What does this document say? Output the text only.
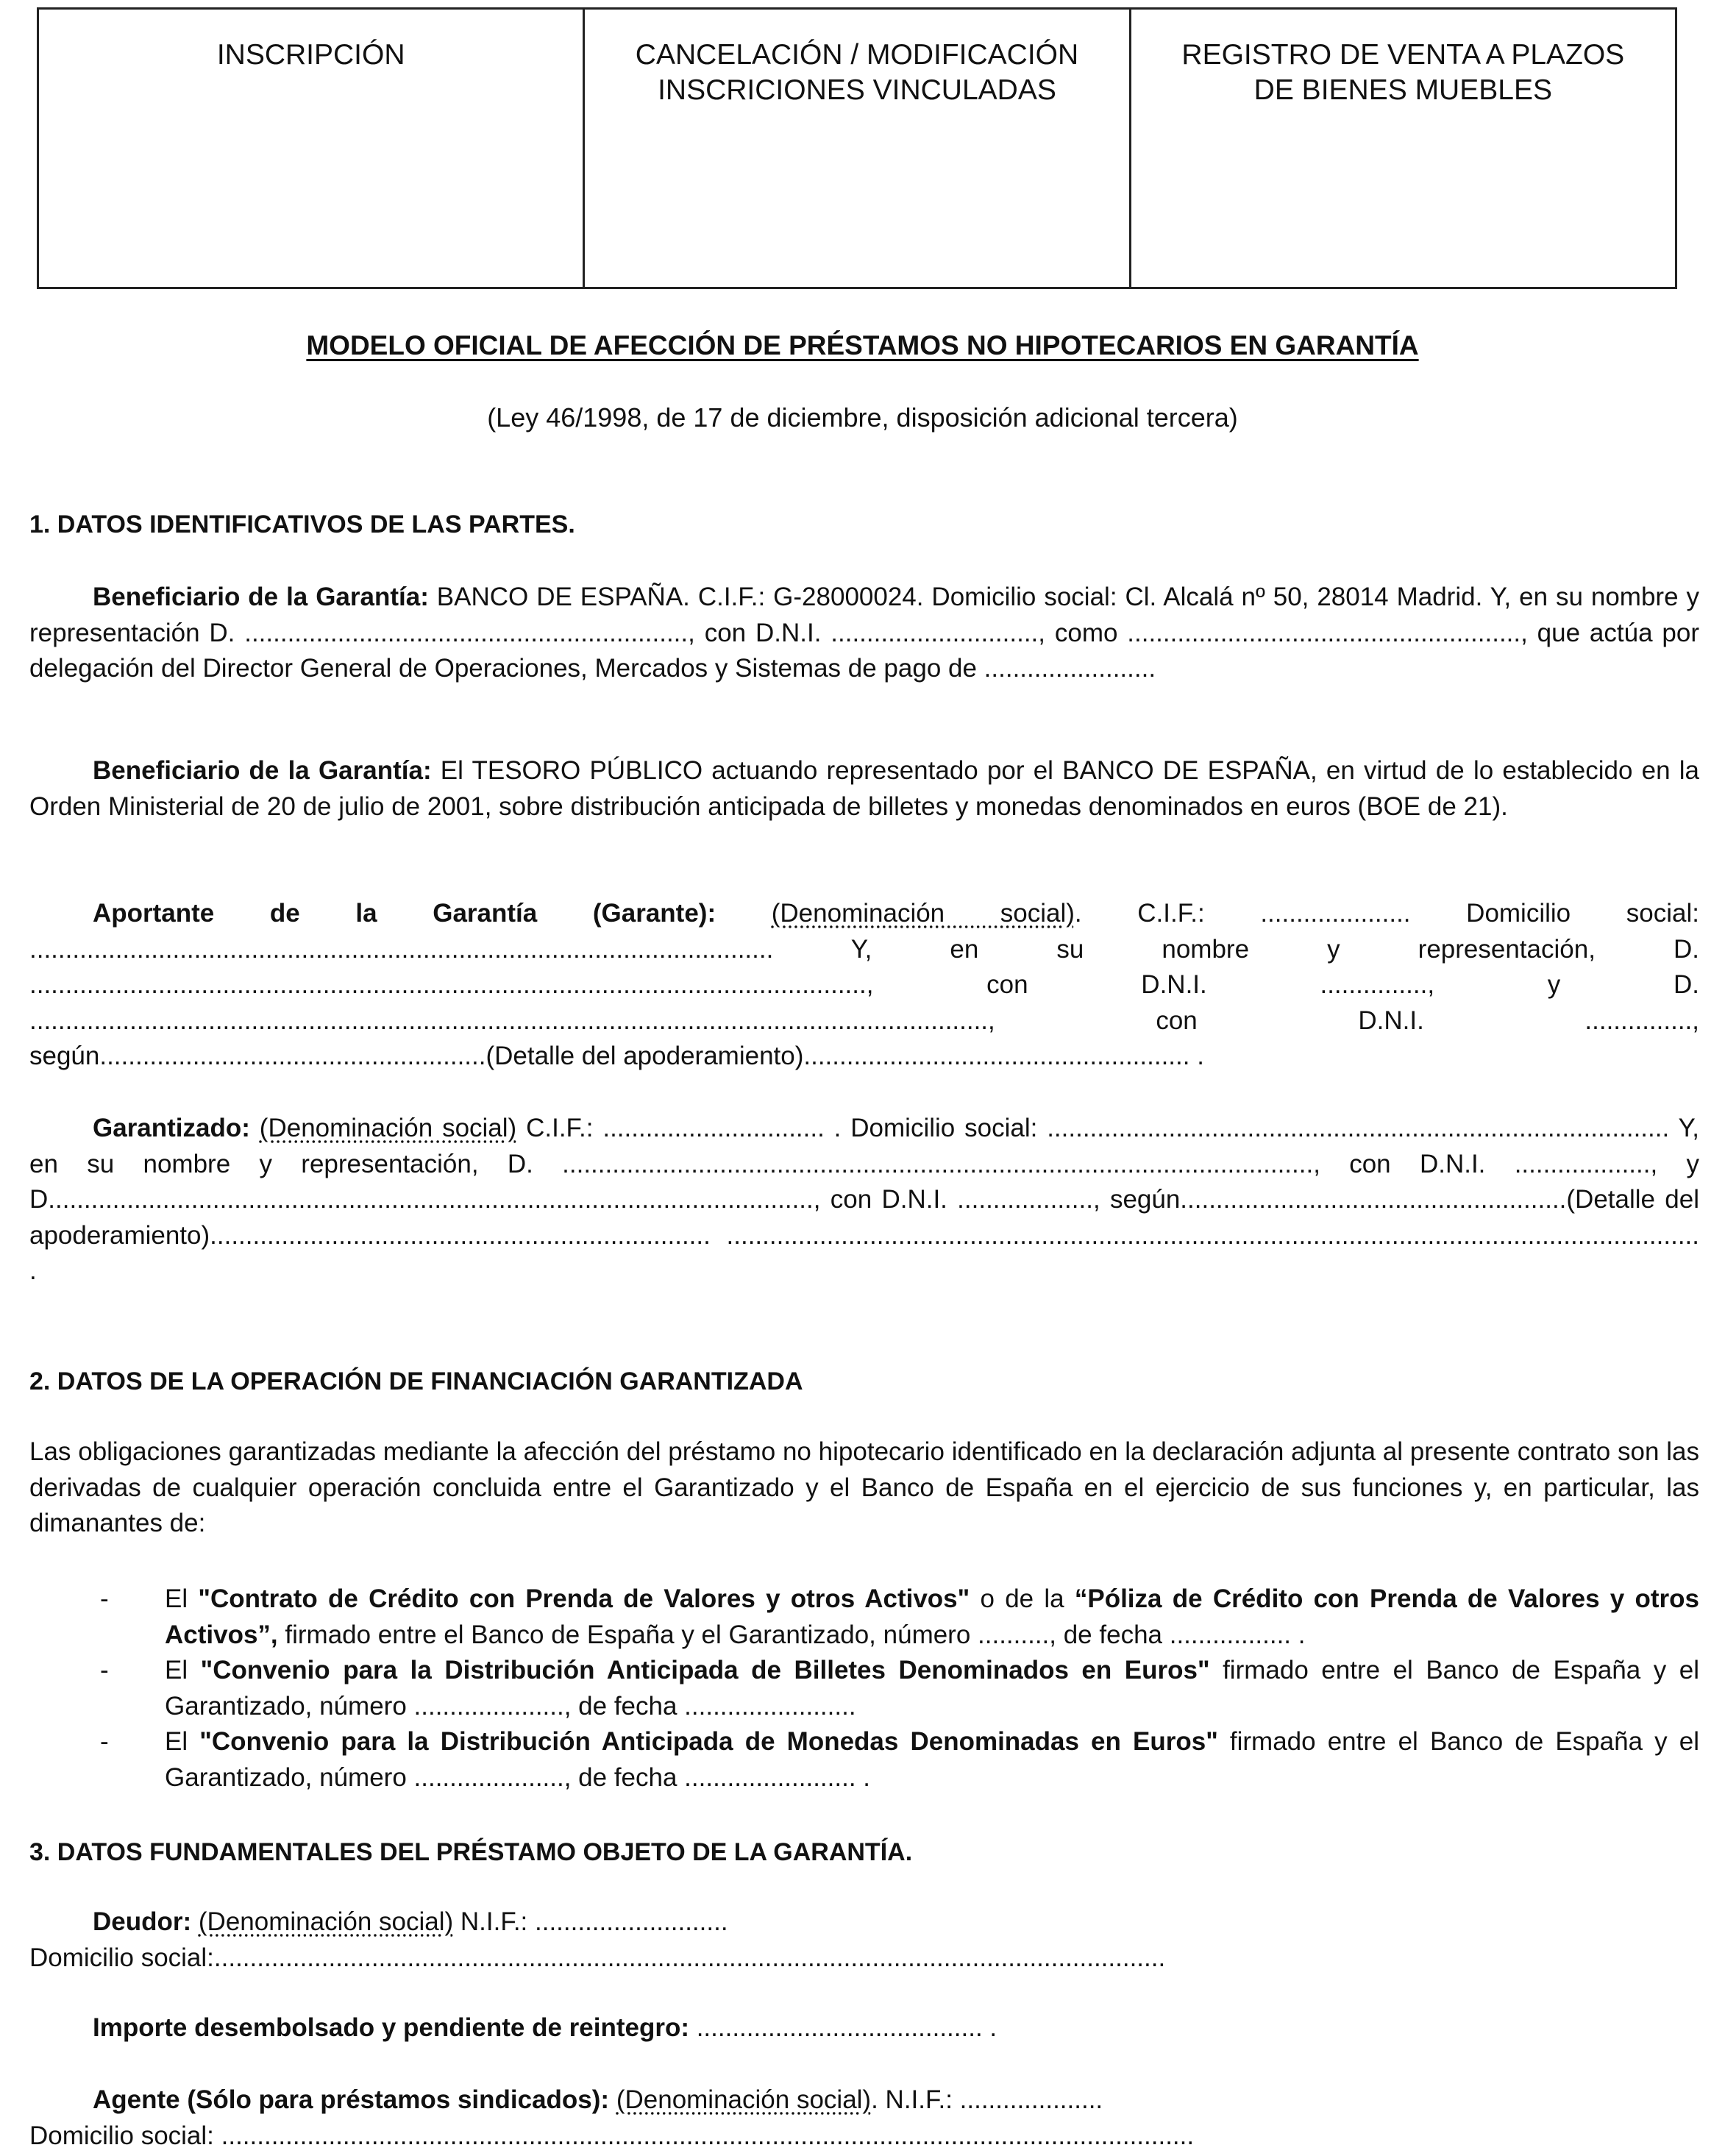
INSCRIPCIÓN	CANCELACIÓN / MODIFICACIÓN
INSCRICIONES VINCULADAS
REGISTRO DE VENTA A PLAZOS
DE BIENES MUEBLES
MODELO OFICIAL DE AFECCIÓN DE PRÉSTAMOS NO HIPOTECARIOS EN GARANTÍA
(Ley 46/1998, de 17 de diciembre, disposición adicional tercera)
1. DATOS IDENTIFICATIVOS DE LAS PARTES.

Beneficiario de la Garantía: BANCO DE ESPAÑA. C.I.F.: G-28000024. Domicilio social: Cl. Alcalá nº 50, 28014 Madrid. Y, en su nombre y representación D. .............................................................., con D.N.I. ............................., como ......................................................., que actúa por delegación del Director General de Operaciones, Mercados y Sistemas de pago de ........................

Beneficiario de la Garantía: El TESORO PÚBLICO actuando representado por el BANCO DE ESPAÑA, en virtud de lo establecido en la Orden Ministerial de 20 de julio de 2001, sobre distribución anticipada de billetes y monedas denominados en euros (BOE de 21).

Aportante de la Garantía (Garante): (Denominación social). C.I.F.: ..................... Domicilio social: ........................................................................................................ Y, en su nombre y representación, D. ....................................................................................................................., con D.N.I. ..............., y D. ......................................................................................................................................, con D.N.I. ..............., según......................................................(Detalle del apoderamiento)...................................................... .

Garantizado: (Denominación social) C.I.F.: ............................... . Domicilio social: ....................................................................................... Y, en su nombre y representación, D. ........................................................................................................., con D.N.I. ..................., y D..........................................................................................................., con D.N.I. ..................., según......................................................(Detalle del apoderamiento)...................................................................... ........................................................................................................................................ .

2. DATOS DE LA OPERACIÓN DE FINANCIACIÓN GARANTIZADA

Las obligaciones garantizadas mediante la afección del préstamo no hipotecario identificado en la declaración adjunta al presente contrato son las derivadas de cualquier operación concluida entre el Garantizado y el Banco de España en el ejercicio de sus funciones y, en particular, las dimanantes de:

- El "Contrato de Crédito con Prenda de Valores y otros Activos" o de la “Póliza de Crédito con Prenda de Valores y otros Activos”, firmado entre el Banco de España y el Garantizado, número .........., de fecha ................. .
- El "Convenio para la Distribución Anticipada de Billetes Denominados en Euros" firmado entre el Banco de España y el Garantizado, número ....................., de fecha ........................
- El "Convenio para la Distribución Anticipada de Monedas Denominadas en Euros" firmado entre el Banco de España y el Garantizado, número ....................., de fecha ........................ .
3. DATOS FUNDAMENTALES DEL PRÉSTAMO OBJETO DE LA GARANTÍA.

Deudor: (Denominación social) N.I.F.: ...........................

Domicilio social:.....................................................................................................................................

Importe desembolsado y pendiente de reintegro: ........................................ .

Agente (Sólo para préstamos sindicados): (Denominación social). N.I.F.: ....................

Domicilio social: ........................................................................................................................................
